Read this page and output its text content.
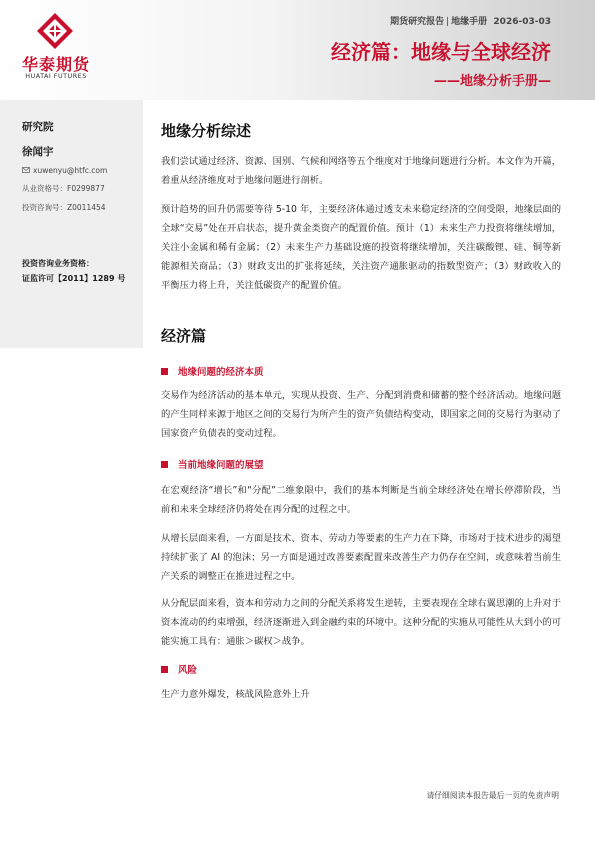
华泰期货
HUATAI FUTURES
期货研究报告 | 地缘手册 2026-03-03
经济篇：地缘与全球经济
——地缘分析手册—
研究院
徐闻宇
xuwenyu@htfc.com
从业资格号：F0299877
投资咨询号：Z0011454
投资咨询业务资格：
证监许可【2011】1289 号
地缘分析综述
我们尝试通过经济、资源、国别、气候和网络等五个维度对于地缘问题进行分析。本文作为开篇，着重从经济维度对于地缘问题进行剖析。
预计趋势的回升仍需要等待 5-10 年，主要经济体通过透支未来稳定经济的空间受限，地缘层面的全球“交易”处在开启状态，提升黄金类资产的配置价值。预计（1）未来生产力投资将继续增加，关注小金属和稀有金属；（2）未来生产力基础设施的投资将继续增加，关注碳酸锂、硅、铜等新能源相关商品；（3）财政支出的扩张将延续，关注资产通胀驱动的指数型资产；（3）财政收入的平衡压力将上升，关注低碳资产的配置价值。
经济篇
地缘问题的经济本质
交易作为经济活动的基本单元，实现从投资、生产、分配到消费和储蓄的整个经济活动。地缘问题的产生同样来源于地区之间的交易行为所产生的资产负债结构变动，即国家之间的交易行为驱动了国家资产负债表的变动过程。
当前地缘问题的展望
在宏观经济“增长”和“分配”二维象限中，我们的基本判断是当前全球经济处在增长停滞阶段，当前和未来全球经济仍将处在再分配的过程之中。
从增长层面来看，一方面是技术、资本、劳动力等要素的生产力在下降，市场对于技术进步的渴望持续扩张了 AI 的泡沫；另一方面是通过改善要素配置来改善生产力仍存在空间，或意味着当前生产关系的调整正在推进过程之中。
从分配层面来看，资本和劳动力之间的分配关系将发生逆转，主要表现在全球右翼思潮的上升对于资本流动的约束增强，经济逐渐进入到金融约束的环境中。这种分配的实施从可能性从大到小的可能实施工具有：通胀＞碳权＞战争。
风险
生产力意外爆发，核战风险意外上升
请仔细阅读本报告最后一页的免责声明
